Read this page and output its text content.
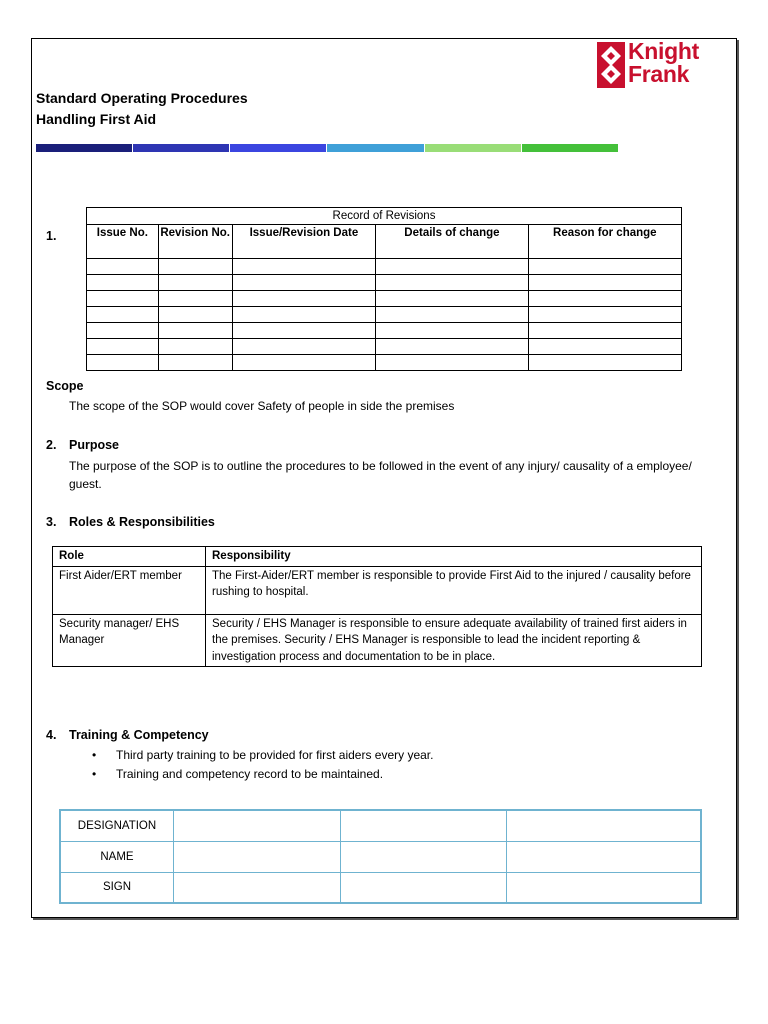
Knight
Frank
Standard Operating Procedures
Handling First Aid
1.
Record of Revisions				
Issue No.	Revision No.	Issue/Revision Date	Details of change	Reason for change

Scope
The scope of the SOP would cover Safety of people in side the premises
2. Purpose
The purpose of the SOP is to outline the procedures to be followed in the event of any injury/ causality of a employee/ guest.
3. Roles & Responsibilities
Role	Responsibility
First Aider/ERT member	The First-Aider/ERT member is responsible to provide First Aid to the injured / causality before rushing to hospital.
Security manager/ EHS Manager	Security / EHS Manager is responsible to ensure adequate availability of trained first aiders in the premises. Security / EHS Manager is responsible to lead the incident reporting & investigation process and documentation to be in place.
4. Training & Competency
• Third party training to be provided for first aiders every year.
• Training and competency record to be maintained.
DESIGNATION			
NAME			
SIGN			
